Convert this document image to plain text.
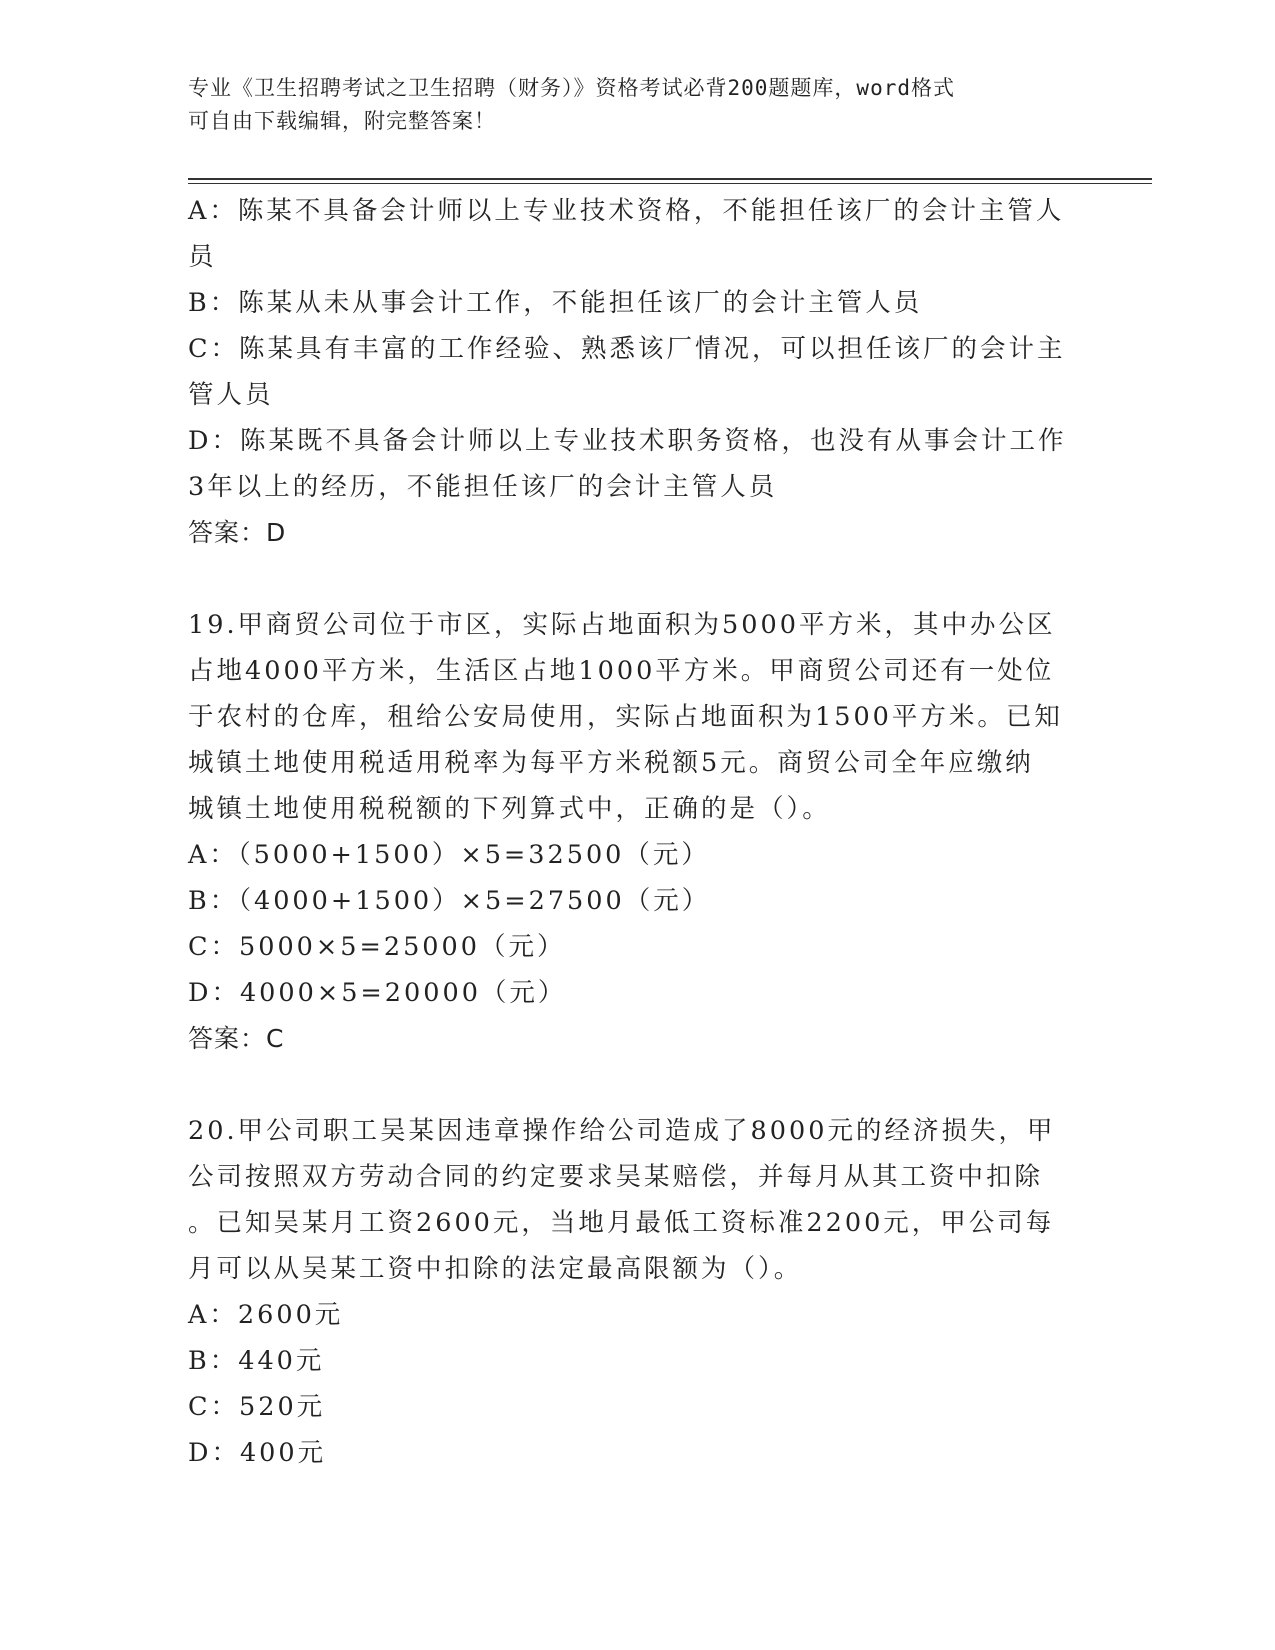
专业《卫生招聘考试之卫生招聘（财务）》资格考试必背200题题库，word格式
可自由下载编辑，附完整答案！

A：陈某不具备会计师以上专业技术资格，不能担任该厂的会计主管人

员

B：陈某从未从事会计工作，不能担任该厂的会计主管人员

C：陈某具有丰富的工作经验、熟悉该厂情况，可以担任该厂的会计主

管人员

D：陈某既不具备会计师以上专业技术职务资格，也没有从事会计工作

3年以上的经历，不能担任该厂的会计主管人员

答案：D

19.甲商贸公司位于市区，实际占地面积为5000平方米，其中办公区

占地4000平方米，生活区占地1000平方米。甲商贸公司还有一处位

于农村的仓库，租给公安局使用，实际占地面积为1500平方米。已知

城镇土地使用税适用税率为每平方米税额5元。商贸公司全年应缴纳

城镇土地使用税税额的下列算式中，正确的是（）。

A：（5000+1500）×5=32500（元）

B：（4000+1500）×5=27500（元）

C：5000×5=25000（元）

D：4000×5=20000（元）

答案：C

20.甲公司职工吴某因违章操作给公司造成了8000元的经济损失，甲

公司按照双方劳动合同的约定要求吴某赔偿，并每月从其工资中扣除

。已知吴某月工资2600元，当地月最低工资标准2200元，甲公司每

月可以从吴某工资中扣除的法定最高限额为（）。

A：2600元

B：440元

C：520元

D：400元
